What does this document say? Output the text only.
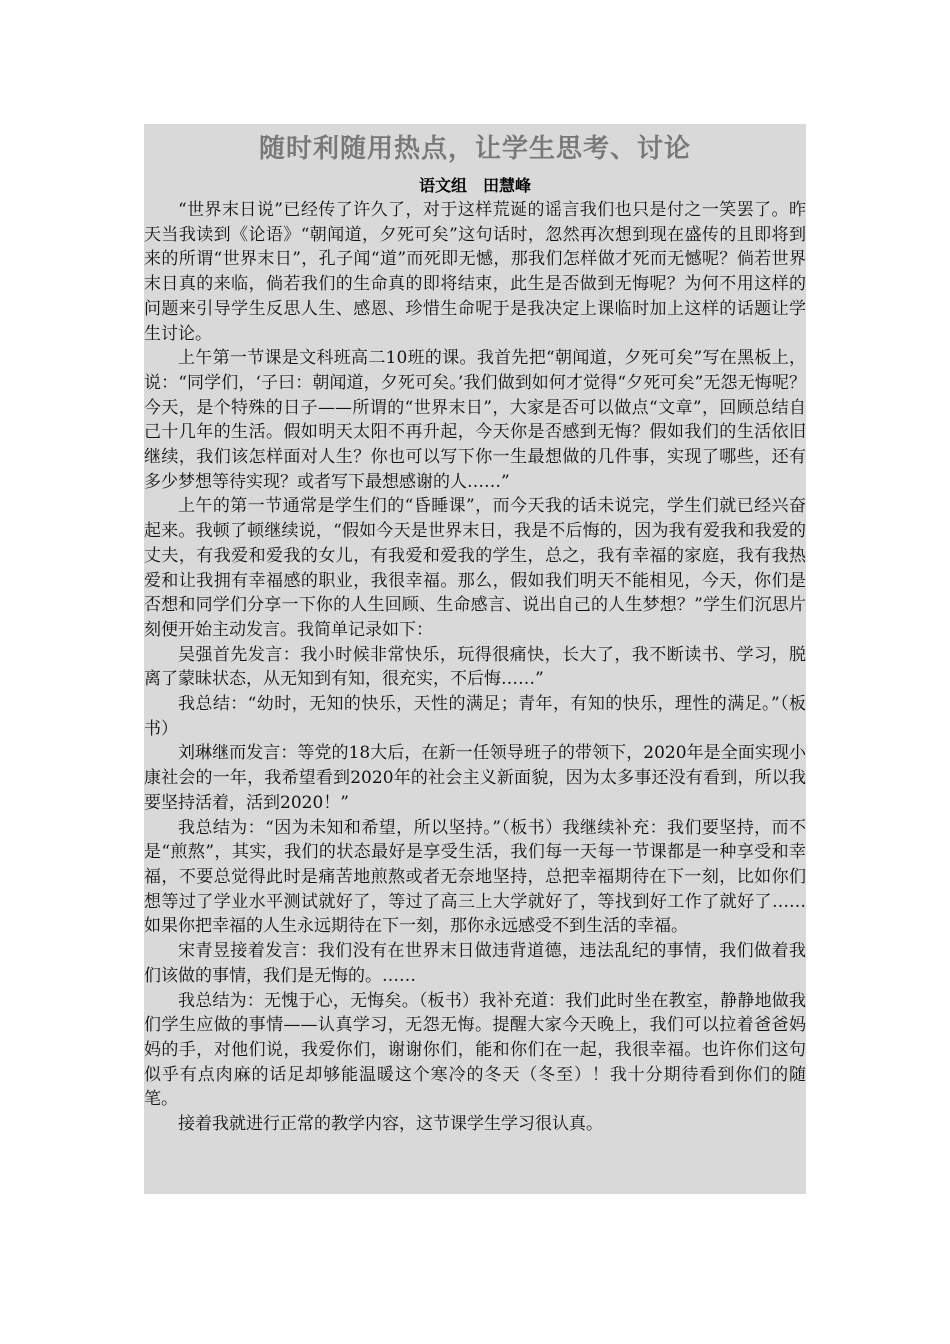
随时利随用热点，让学生思考、讨论
语文组　田慧峰

“世界末日说”已经传了许久了，对于这样荒诞的谣言我们也只是付之一笑罢了。昨天当我读到《论语》“朝闻道，夕死可矣”这句话时，忽然再次想到现在盛传的且即将到来的所谓“世界末日”，孔子闻“道”而死即无憾，那我们怎样做才死而无憾呢？倘若世界末日真的来临，倘若我们的生命真的即将结束，此生是否做到无悔呢？为何不用这样的问题来引导学生反思人生、感恩、珍惜生命呢于是我决定上课临时加上这样的话题让学生讨论。

上午第一节课是文科班高二10班的课。我首先把“朝闻道，夕死可矣”写在黑板上，说：“同学们，‘子曰：朝闻道，夕死可矣。’我们做到如何才觉得“夕死可矣”无怨无悔呢？今天，是个特殊的日子——所谓的“世界末日”，大家是否可以做点“文章”，回顾总结自己十几年的生活。假如明天太阳不再升起，今天你是否感到无悔？假如我们的生活依旧继续，我们该怎样面对人生？你也可以写下你一生最想做的几件事，实现了哪些，还有多少梦想等待实现？或者写下最想感谢的人……”

上午的第一节通常是学生们的“昏睡课”，而今天我的话未说完，学生们就已经兴奋起来。我顿了顿继续说，“假如今天是世界末日，我是不后悔的，因为我有爱我和我爱的丈夫，有我爱和爱我的女儿，有我爱和爱我的学生，总之，我有幸福的家庭，我有我热爱和让我拥有幸福感的职业，我很幸福。那么，假如我们明天不能相见，今天，你们是否想和同学们分享一下你的人生回顾、生命感言、说出自己的人生梦想？”学生们沉思片刻便开始主动发言。我简单记录如下：

吴强首先发言：我小时候非常快乐，玩得很痛快，长大了，我不断读书、学习，脱离了蒙昧状态，从无知到有知，很充实，不后悔……”

我总结：“幼时，无知的快乐，天性的满足；青年，有知的快乐，理性的满足。”（板书）

刘琳继而发言：等党的18大后，在新一任领导班子的带领下，2020年是全面实现小康社会的一年，我希望看到2020年的社会主义新面貌，因为太多事还没有看到，所以我要坚持活着，活到2020！”

我总结为：“因为未知和希望，所以坚持。”（板书）我继续补充：我们要坚持，而不是“煎熬”，其实，我们的状态最好是享受生活，我们每一天每一节课都是一种享受和幸福，不要总觉得此时是痛苦地煎熬或者无奈地坚持，总把幸福期待在下一刻，比如你们想等过了学业水平测试就好了，等过了高三上大学就好了，等找到好工作了就好了……如果你把幸福的人生永远期待在下一刻，那你永远感受不到生活的幸福。

宋青昱接着发言：我们没有在世界末日做违背道德，违法乱纪的事情，我们做着我们该做的事情，我们是无悔的。……

我总结为：无愧于心，无悔矣。（板书）我补充道：我们此时坐在教室，静静地做我们学生应做的事情——认真学习，无怨无悔。提醒大家今天晚上，我们可以拉着爸爸妈妈的手，对他们说，我爱你们，谢谢你们，能和你们在一起，我很幸福。也许你们这句似乎有点肉麻的话足却够能温暖这个寒冷的冬天（冬至）！我十分期待看到你们的随笔。

接着我就进行正常的教学内容，这节课学生学习很认真。
